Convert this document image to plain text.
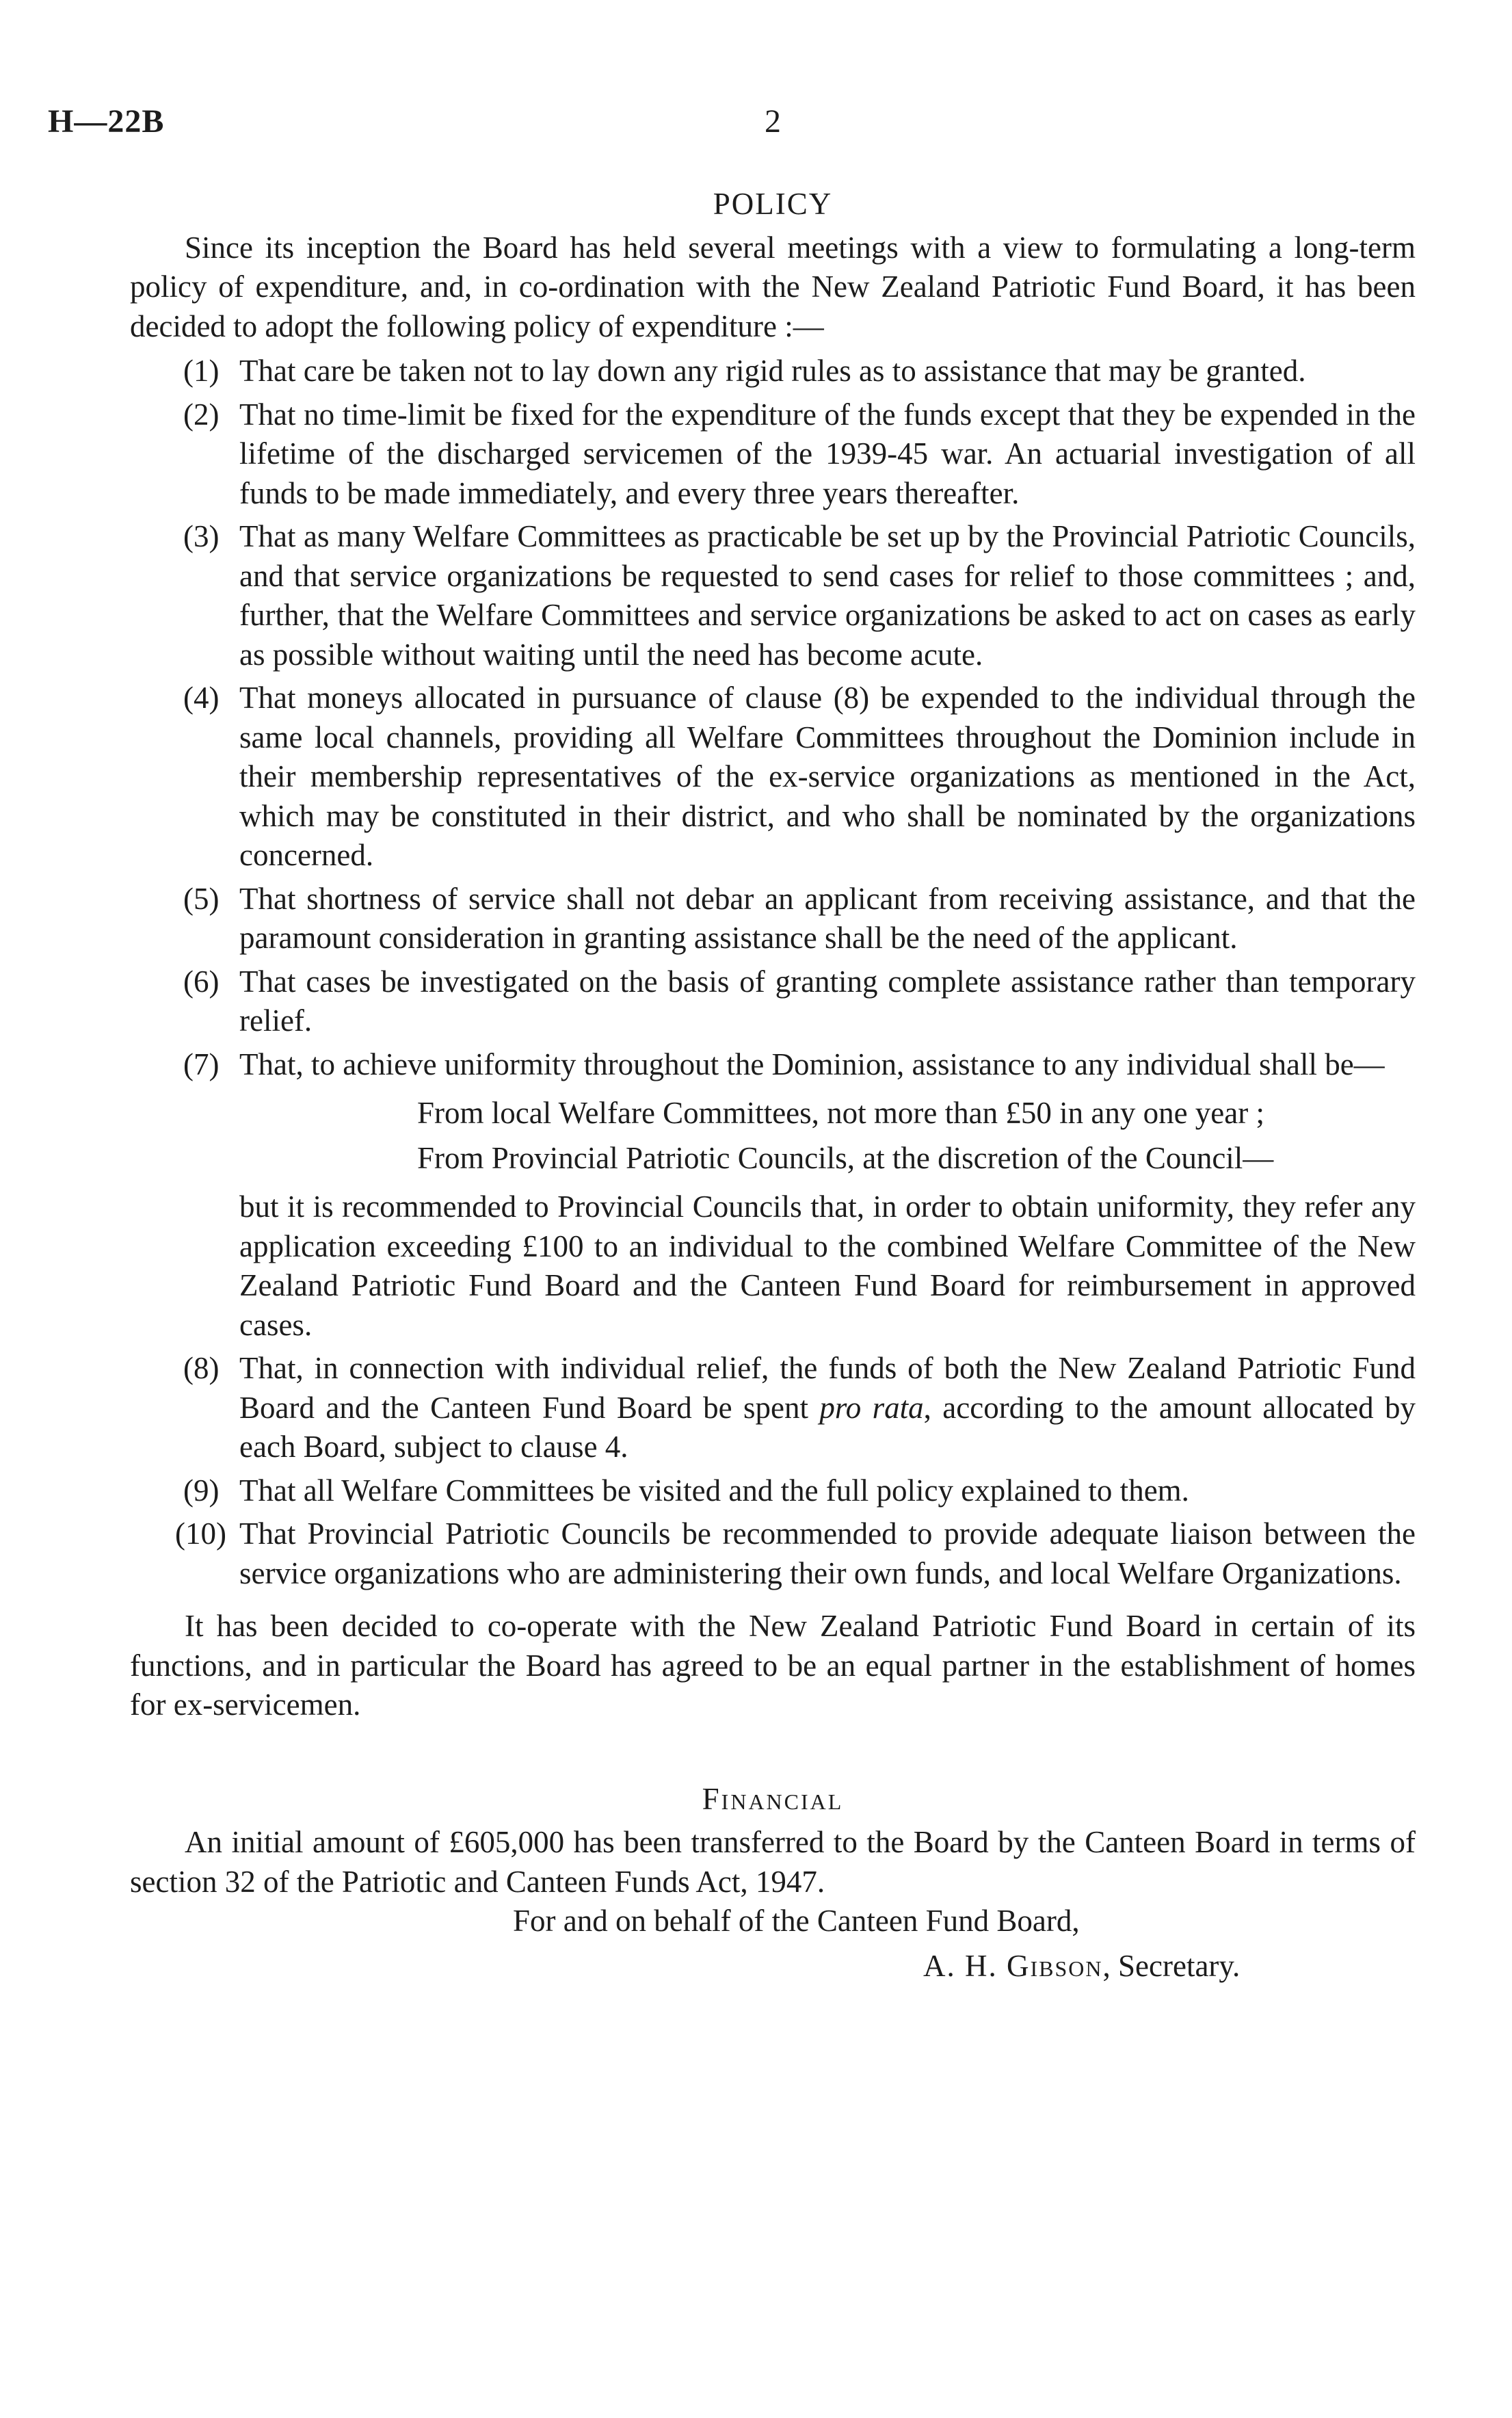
H—22B	2
POLICY

Since its inception the Board has held several meetings with a view to formulating a long-term policy of expenditure, and, in co-ordination with the New Zealand Patriotic Fund Board, it has been decided to adopt the following policy of expenditure :—

(1) That care be taken not to lay down any rigid rules as to assistance that may be granted.
(2) That no time-limit be fixed for the expenditure of the funds except that they be expended in the lifetime of the discharged servicemen of the 1939-45 war. An actuarial investigation of all funds to be made immediately, and every three years thereafter.
(3) That as many Welfare Committees as practicable be set up by the Provincial Patriotic Councils, and that service organizations be requested to send cases for relief to those committees ; and, further, that the Welfare Committees and service organizations be asked to act on cases as early as possible without waiting until the need has become acute.
(4) That moneys allocated in pursuance of clause (8) be expended to the individual through the same local channels, providing all Welfare Committees throughout the Dominion include in their membership representatives of the ex-service organizations as mentioned in the Act, which may be constituted in their district, and who shall be nominated by the organizations concerned.
(5) That shortness of service shall not debar an applicant from receiving assistance, and that the paramount consideration in granting assistance shall be the need of the applicant.
(6) That cases be investigated on the basis of granting complete assistance rather than temporary relief.
(7) That, to achieve uniformity throughout the Dominion, assistance to any individual shall be—
From local Welfare Committees, not more than £50 in any one year ;
From Provincial Patriotic Councils, at the discretion of the Council—
but it is recommended to Provincial Councils that, in order to obtain uniformity, they refer any application exceeding £100 to an individual to the combined Welfare Committee of the New Zealand Patriotic Fund Board and the Canteen Fund Board for reimbursement in approved cases.
(8) That, in connection with individual relief, the funds of both the New Zealand Patriotic Fund Board and the Canteen Fund Board be spent pro rata, according to the amount allocated by each Board, subject to clause 4.
(9) That all Welfare Committees be visited and the full policy explained to them.
(10) That Provincial Patriotic Councils be recommended to provide adequate liaison between the service organizations who are administering their own funds, and local Welfare Organizations.

It has been decided to co-operate with the New Zealand Patriotic Fund Board in certain of its functions, and in particular the Board has agreed to be an equal partner in the establishment of homes for ex-servicemen.

Financial

An initial amount of £605,000 has been transferred to the Board by the Canteen Board in terms of section 32 of the Patriotic and Canteen Funds Act, 1947.

For and on behalf of the Canteen Fund Board,
A. H. Gibson, Secretary.
